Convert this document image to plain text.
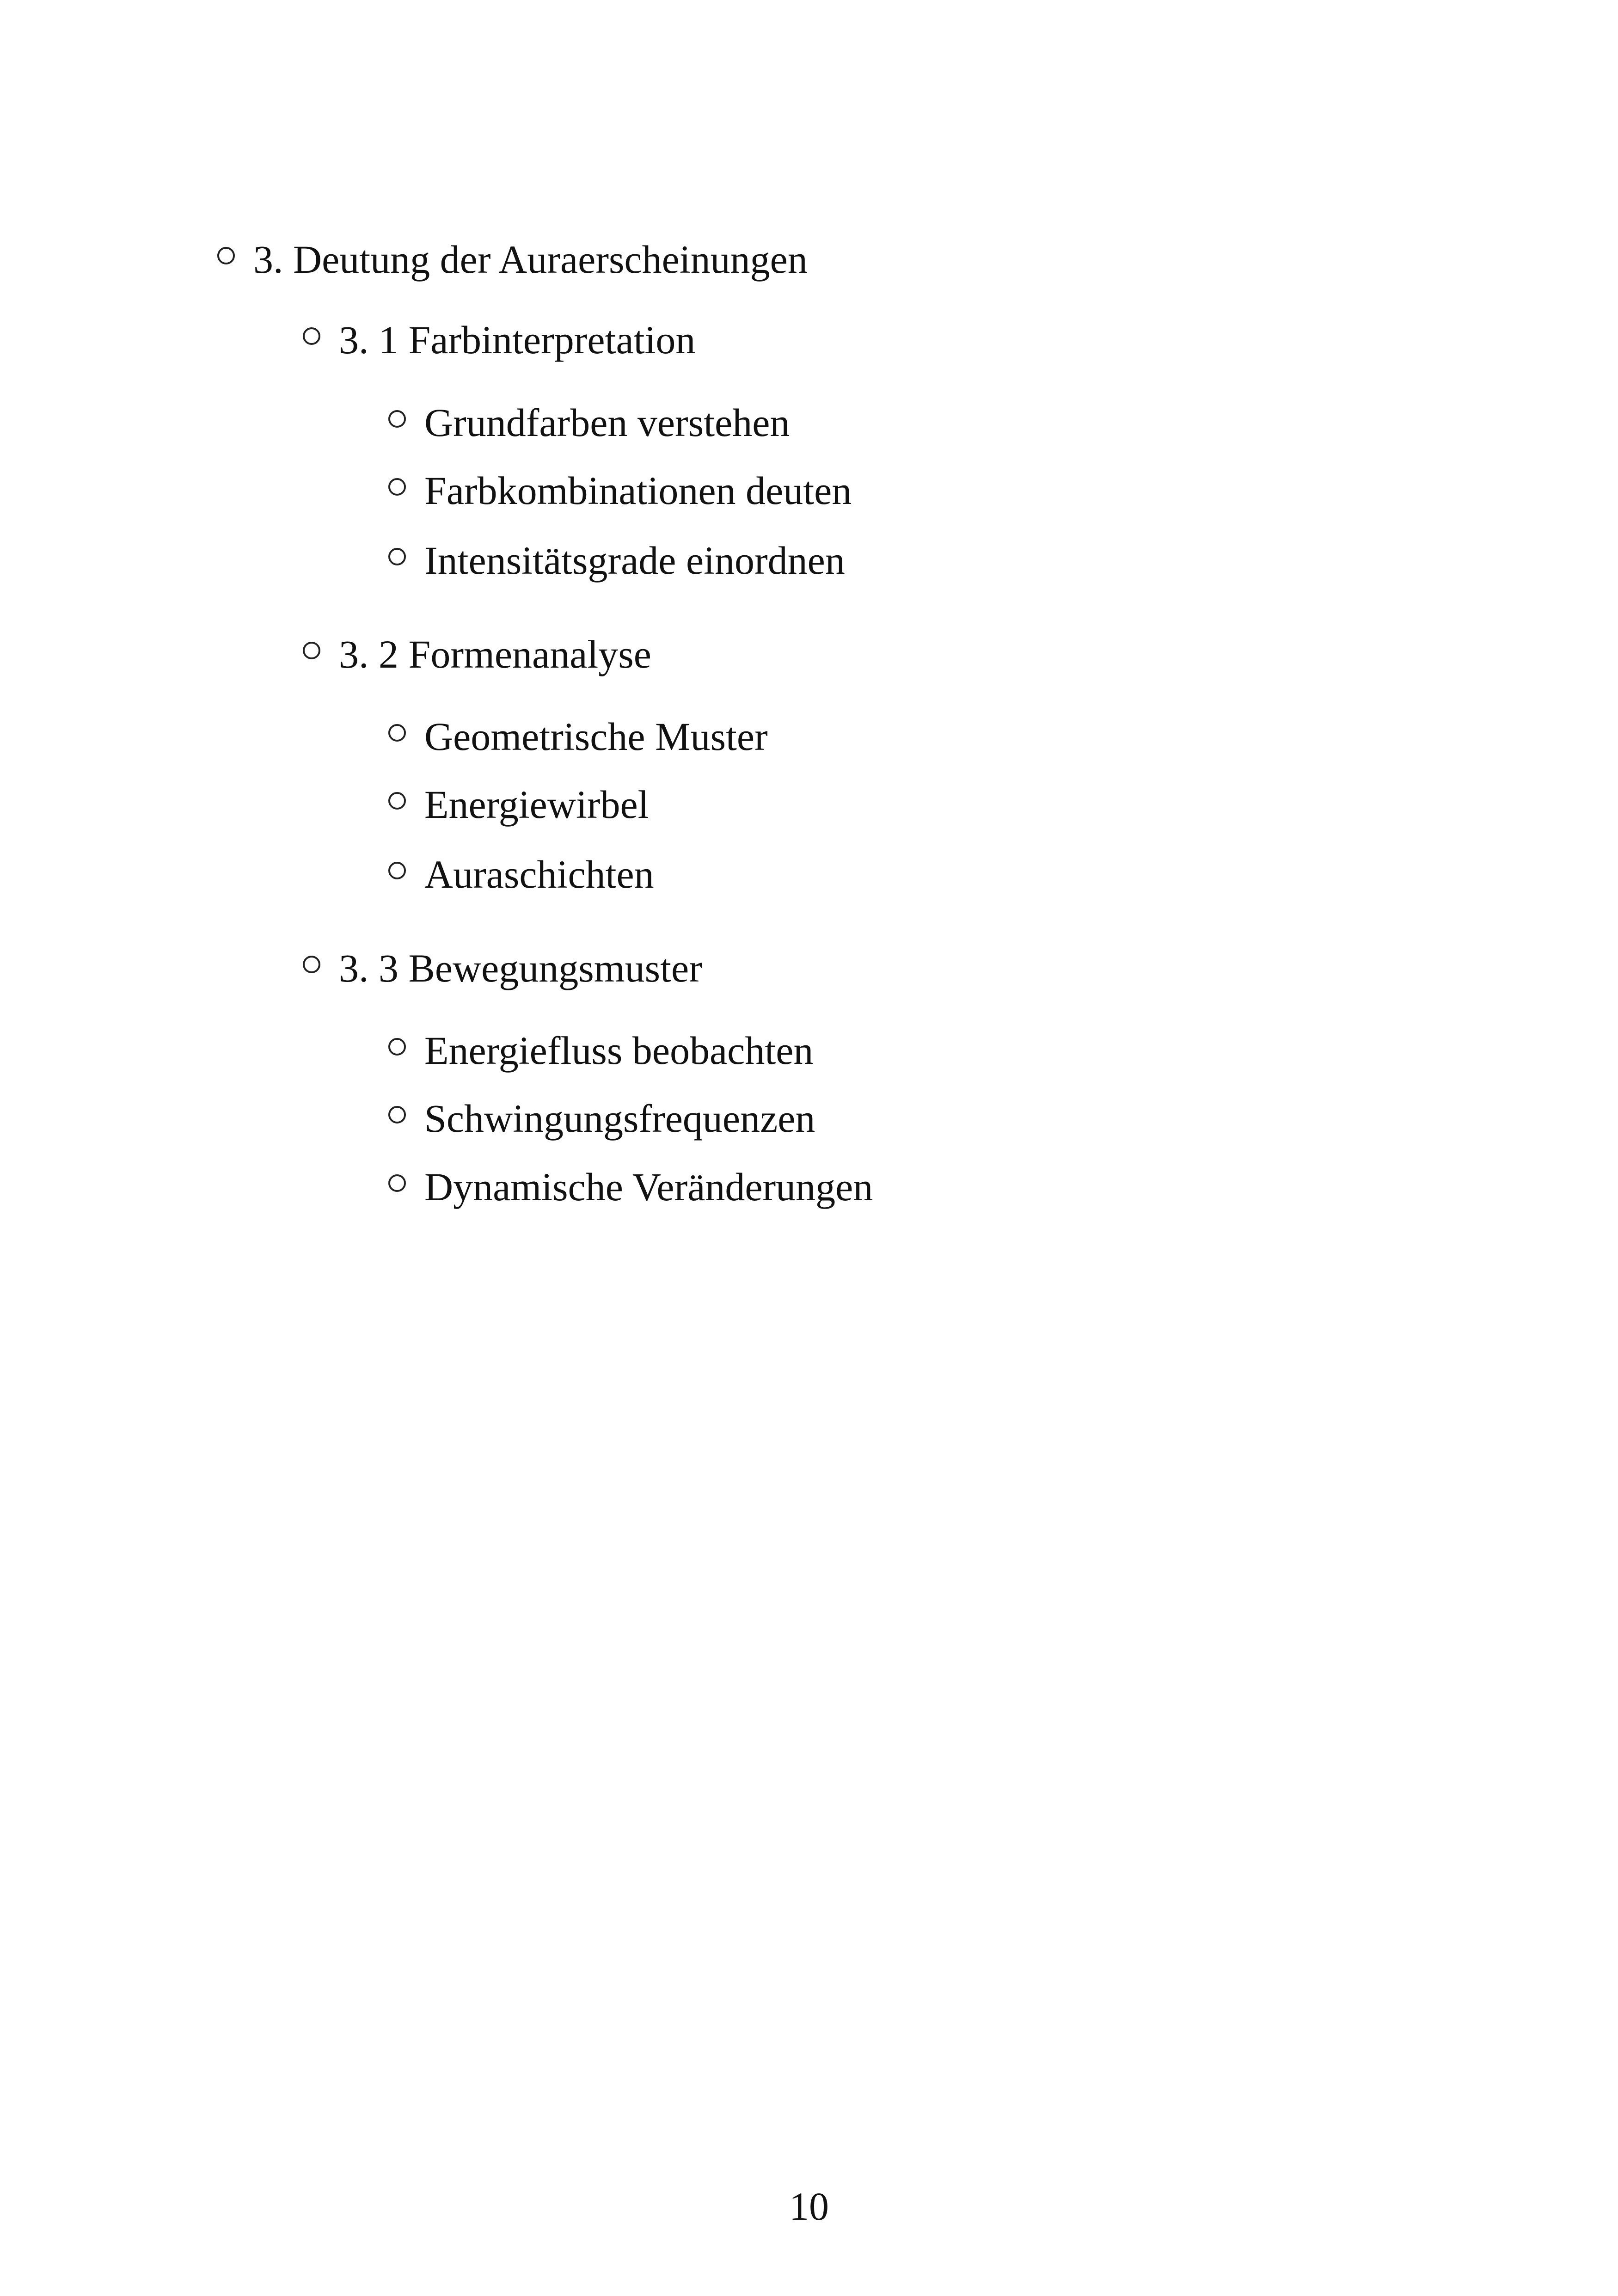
3. Deutung der Auraerscheinungen
3. 1 Farbinterpretation
Grundfarben verstehen
Farbkombinationen deuten
Intensitätsgrade einordnen
3. 2 Formenanalyse
Geometrische Muster
Energiewirbel
Auraschichten
3. 3 Bewegungsmuster
Energiefluss beobachten
Schwingungsfrequenzen
Dynamische Veränderungen
10
